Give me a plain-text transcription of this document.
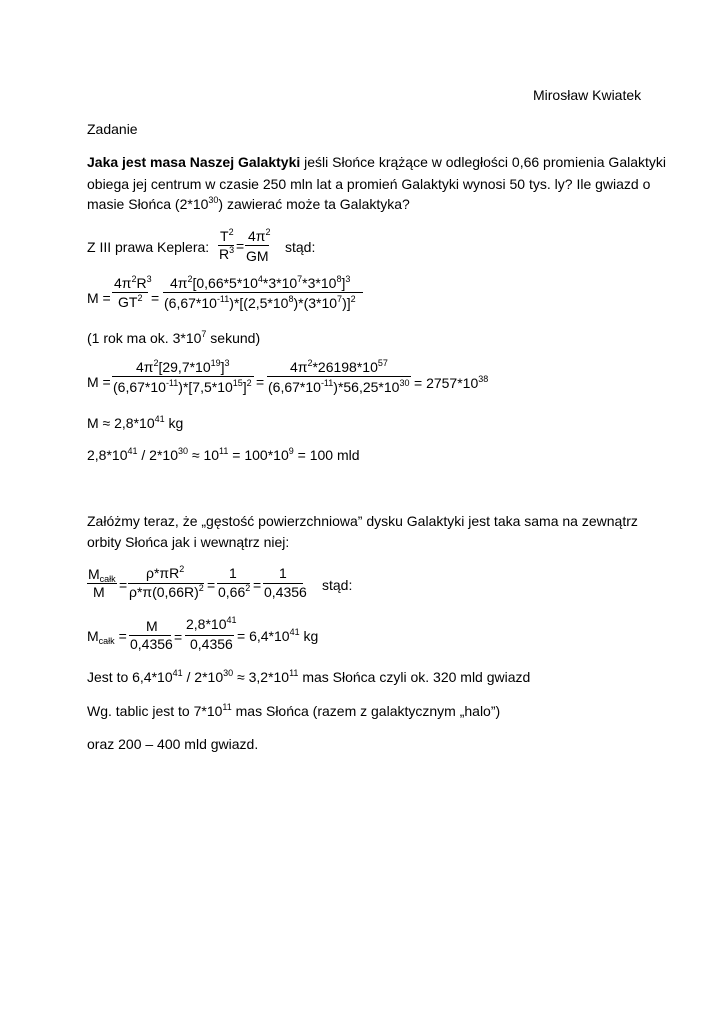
Mirosław Kwiatek
Zadanie
Jaka jest masa Naszej Galaktyki jeśli Słońce krążące w odległości 0,66 promienia Galaktyki
obiega jej centrum w czasie 250 mln lat a promień Galaktyki wynosi 50 tys. ly? Ile gwiazd o
masie Słońca $(2*10^{30})$ zawierać może ta Galaktyka?
Z III prawa Keplera:
$T^2$
$R^3$ =
$4\pi^2$
GM
stąd:
M =
$4\pi^2R^3$
$GT^2$ =
$4\pi^2[0,66*5*10^4*3*10^7*3*10^8]^3$
$(6,67*10^{-11})*[(2,5*10^8)*(3*10^7)]^2$
(1 rok ma ok. $3*10^7$ sekund)
M =
$4\pi^2[29,7*10^{19}]^3$
$(6,67*10^{-11})*[7,5*10^{15}]^2$ =
$4\pi^2*26198*10^{57}$
$(6,67*10^{-11})*56,25*10^{30} = 2757*10^{38}$
$M \approx 2,8*10^{41}$ kg
$2,8*10^{41} / 2*10^{30} \approx 10^{11} = 100*10^9 = 100$ mld
Załóżmy teraz, że „gęstość powierzchniowa” dysku Galaktyki jest taka sama na zewnątrz
orbity Słońca jak i wewnątrz niej:
$M_{całk}$
M =
$\rho*\pi R^2$
$\rho*\pi(0,66R)^2$ =
1
$0,66^2$ =
1
0,4356 stąd:
$M_{całk}$ =
M
0,4356 =
$2,8*10^{41}$
$0,4356 = 6,4*10^{41}$ kg
Jest to $6,4*10^{41} / 2*10^{30} \approx 3,2*10^{11}$ mas Słońca czyli ok. 320 mld gwiazd
Wg. tablic jest to $7*10^{11}$ mas Słońca (razem z galaktycznym „halo”)
oraz 200 – 400 mld gwiazd.
